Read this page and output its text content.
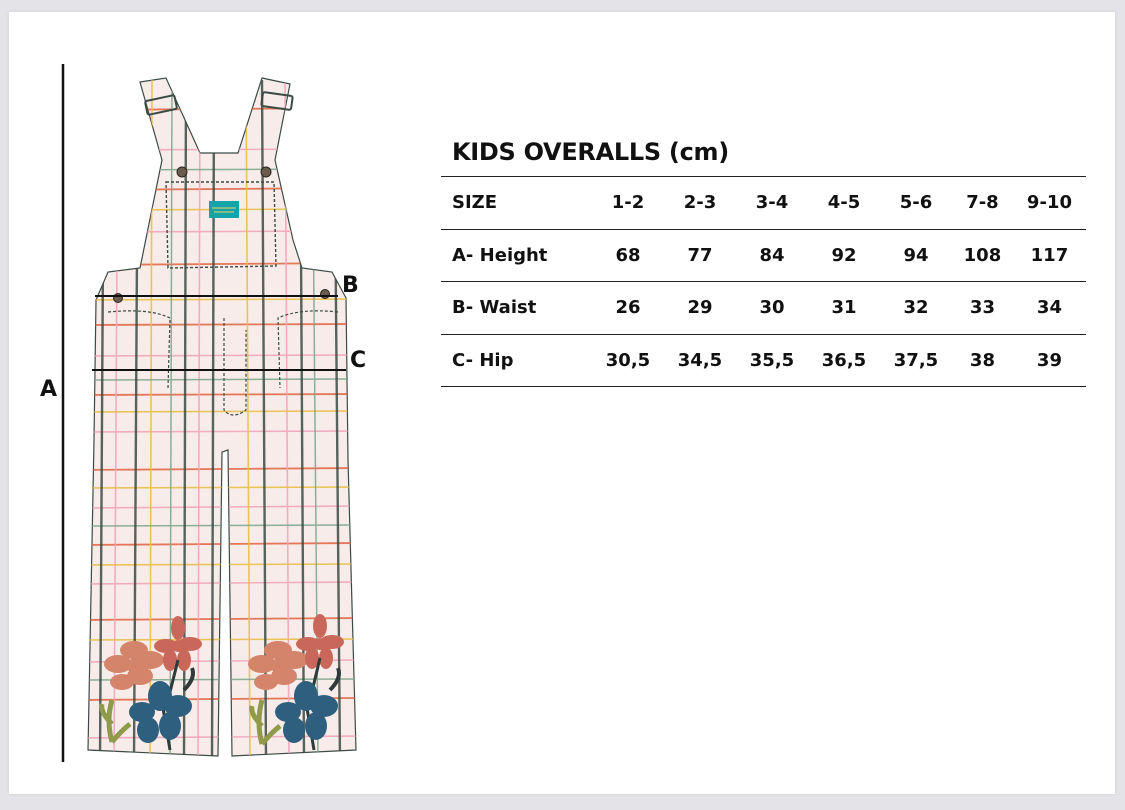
A
B
C
KIDS OVERALLS (cm)
SIZE	1-2	2-3	3-4	4-5	5-6	7-8	9-10
A- Height	68	77	84	92	94	108	117
B- Waist	26	29	30	31	32	33	34
C- Hip	30,5	34,5	35,5	36,5	37,5	38	39
